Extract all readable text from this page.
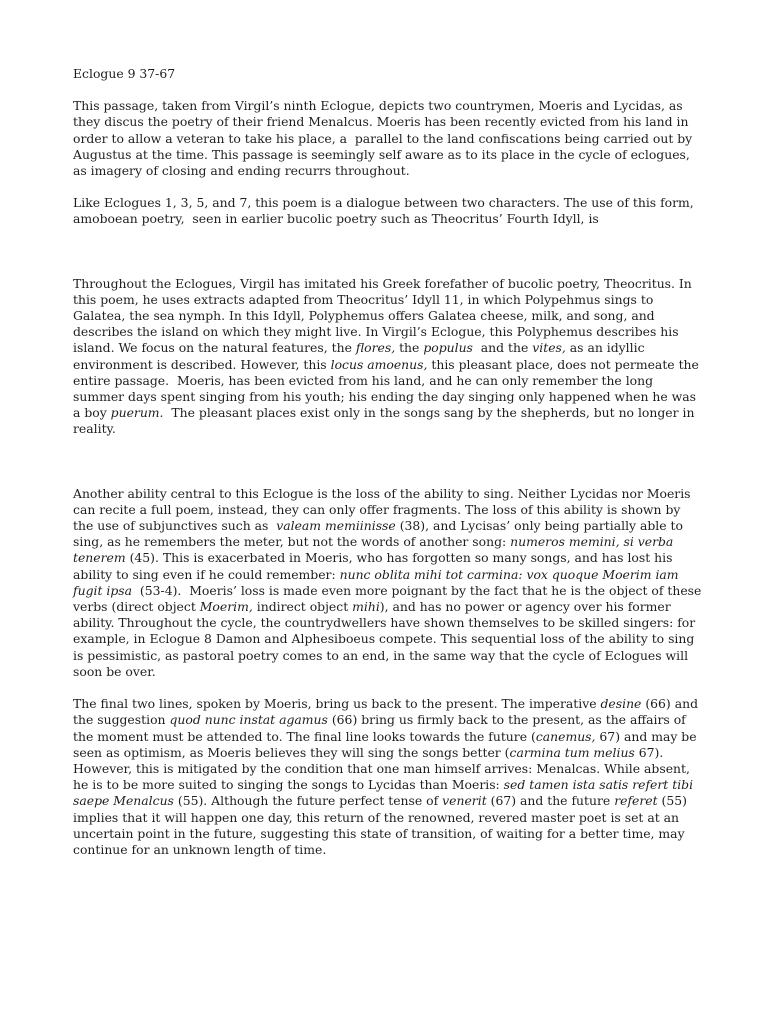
Eclogue 9 37-67

This passage, taken from Virgil’s ninth Eclogue, depicts two countrymen, Moeris and Lycidas, as they discus the poetry of their friend Menalcus. Moeris has been recently evicted from his land in order to allow a veteran to take his place, a  parallel to the land confiscations being carried out by Augustus at the time. This passage is seemingly self aware as to its place in the cycle of eclogues, as imagery of closing and ending recurrs throughout.

Like Eclogues 1, 3, 5, and 7, this poem is a dialogue between two characters. The use of this form, amoboean poetry,  seen in earlier bucolic poetry such as Theocritus’ Fourth Idyll, is

Throughout the Eclogues, Virgil has imitated his Greek forefather of bucolic poetry, Theocritus. In this poem, he uses extracts adapted from Theocritus’ Idyll 11, in which Polypehmus sings to Galatea, the sea nymph. In this Idyll, Polyphemus offers Galatea cheese, milk, and song, and describes the island on which they might live. In Virgil’s Eclogue, this Polyphemus describes his island. We focus on the natural features, the flores, the populus  and the vites, as an idyllic environment is described. However, this locus amoenus, this pleasant place, does not permeate the entire passage.  Moeris, has been evicted from his land, and he can only remember the long summer days spent singing from his youth; his ending the day singing only happened when he was a boy puerum.  The pleasant places exist only in the songs sang by the shepherds, but no longer in reality.

Another ability central to this Eclogue is the loss of the ability to sing. Neither Lycidas nor Moeris can recite a full poem, instead, they can only offer fragments. The loss of this ability is shown by the use of subjunctives such as  valeam memiinisse (38), and Lycisas’ only being partially able to sing, as he remembers the meter, but not the words of another song: numeros memini, si verba tenerem (45). This is exacerbated in Moeris, who has forgotten so many songs, and has lost his ability to sing even if he could remember: nunc oblita mihi tot carmina: vox quoque Moerim iam fugit ipsa  (53-4).  Moeris’ loss is made even more poignant by the fact that he is the object of these verbs (direct object Moerim, indirect object mihi), and has no power or agency over his former ability. Throughout the cycle, the countrydwellers have shown themselves to be skilled singers: for example, in Eclogue 8 Damon and Alphesiboeus compete. This sequential loss of the ability to sing is pessimistic, as pastoral poetry comes to an end, in the same way that the cycle of Eclogues will soon be over.

The final two lines, spoken by Moeris, bring us back to the present. The imperative desine (66) and the suggestion quod nunc instat agamus (66) bring us firmly back to the present, as the affairs of the moment must be attended to. The final line looks towards the future (canemus, 67) and may be seen as optimism, as Moeris believes they will sing the songs better (carmina tum melius 67). However, this is mitigated by the condition that one man himself arrives: Menalcas. While absent, he is to be more suited to singing the songs to Lycidas than Moeris: sed tamen ista satis refert tibi saepe Menalcus (55). Although the future perfect tense of venerit (67) and the future referet (55)   implies that it will happen one day, this return of the renowned, revered master poet is set at an uncertain point in the future, suggesting this state of transition, of waiting for a better time, may continue for an unknown length of time.
